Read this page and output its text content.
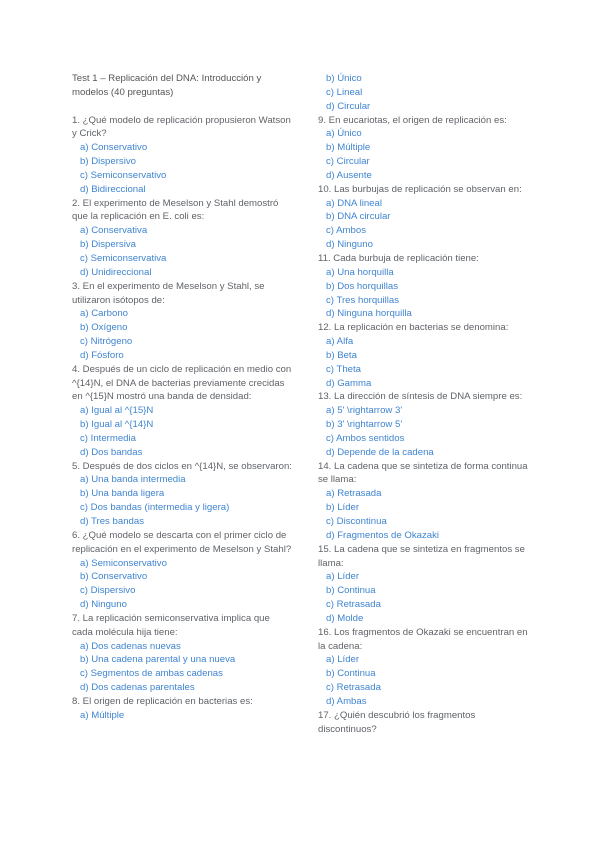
Test 1 – Replicación del DNA: Introducción y modelos (40 preguntas)
1. ¿Qué modelo de replicación propusieron Watson y Crick?
a) Conservativo
b) Dispersivo
c) Semiconservativo
d) Bidireccional
2. El experimento de Meselson y Stahl demostró que la replicación en E. coli es:
a) Conservativa
b) Dispersiva
c) Semiconservativa
d) Unidireccional
3. En el experimento de Meselson y Stahl, se utilizaron isótopos de:
a) Carbono
b) Oxígeno
c) Nitrógeno
d) Fósforo
4. Después de un ciclo de replicación en medio con ^{14}N, el DNA de bacterias previamente crecidas en ^{15}N mostró una banda de densidad:
a) Igual al ^{15}N
b) Igual al ^{14}N
c) Intermedia
d) Dos bandas
5. Después de dos ciclos en ^{14}N, se observaron:
a) Una banda intermedia
b) Una banda ligera
c) Dos bandas (intermedia y ligera)
d) Tres bandas
6. ¿Qué modelo se descarta con el primer ciclo de replicación en el experimento de Meselson y Stahl?
a) Semiconservativo
b) Conservativo
c) Dispersivo
d) Ninguno
7. La replicación semiconservativa implica que cada molécula hija tiene:
a) Dos cadenas nuevas
b) Una cadena parental y una nueva
c) Segmentos de ambas cadenas
d) Dos cadenas parentales
8. El origen de replicación en bacterias es:
a) Múltiple
b) Único
c) Lineal
d) Circular
9. En eucariotas, el origen de replicación es:
a) Único
b) Múltiple
c) Circular
d) Ausente
10. Las burbujas de replicación se observan en:
a) DNA lineal
b) DNA circular
c) Ambos
d) Ninguno
11. Cada burbuja de replicación tiene:
a) Una horquilla
b) Dos horquillas
c) Tres horquillas
d) Ninguna horquilla
12. La replicación en bacterias se denomina:
a) Alfa
b) Beta
c) Theta
d) Gamma
13. La dirección de síntesis de DNA siempre es:
a) 5' \rightarrow 3'
b) 3' \rightarrow 5'
c) Ambos sentidos
d) Depende de la cadena
14. La cadena que se sintetiza de forma continua se llama:
a) Retrasada
b) Líder
c) Discontinua
d) Fragmentos de Okazaki
15. La cadena que se sintetiza en fragmentos se llama:
a) Líder
b) Continua
c) Retrasada
d) Molde
16. Los fragmentos de Okazaki se encuentran en la cadena:
a) Líder
b) Continua
c) Retrasada
d) Ambas
17. ¿Quién descubrió los fragmentos discontinuos?
